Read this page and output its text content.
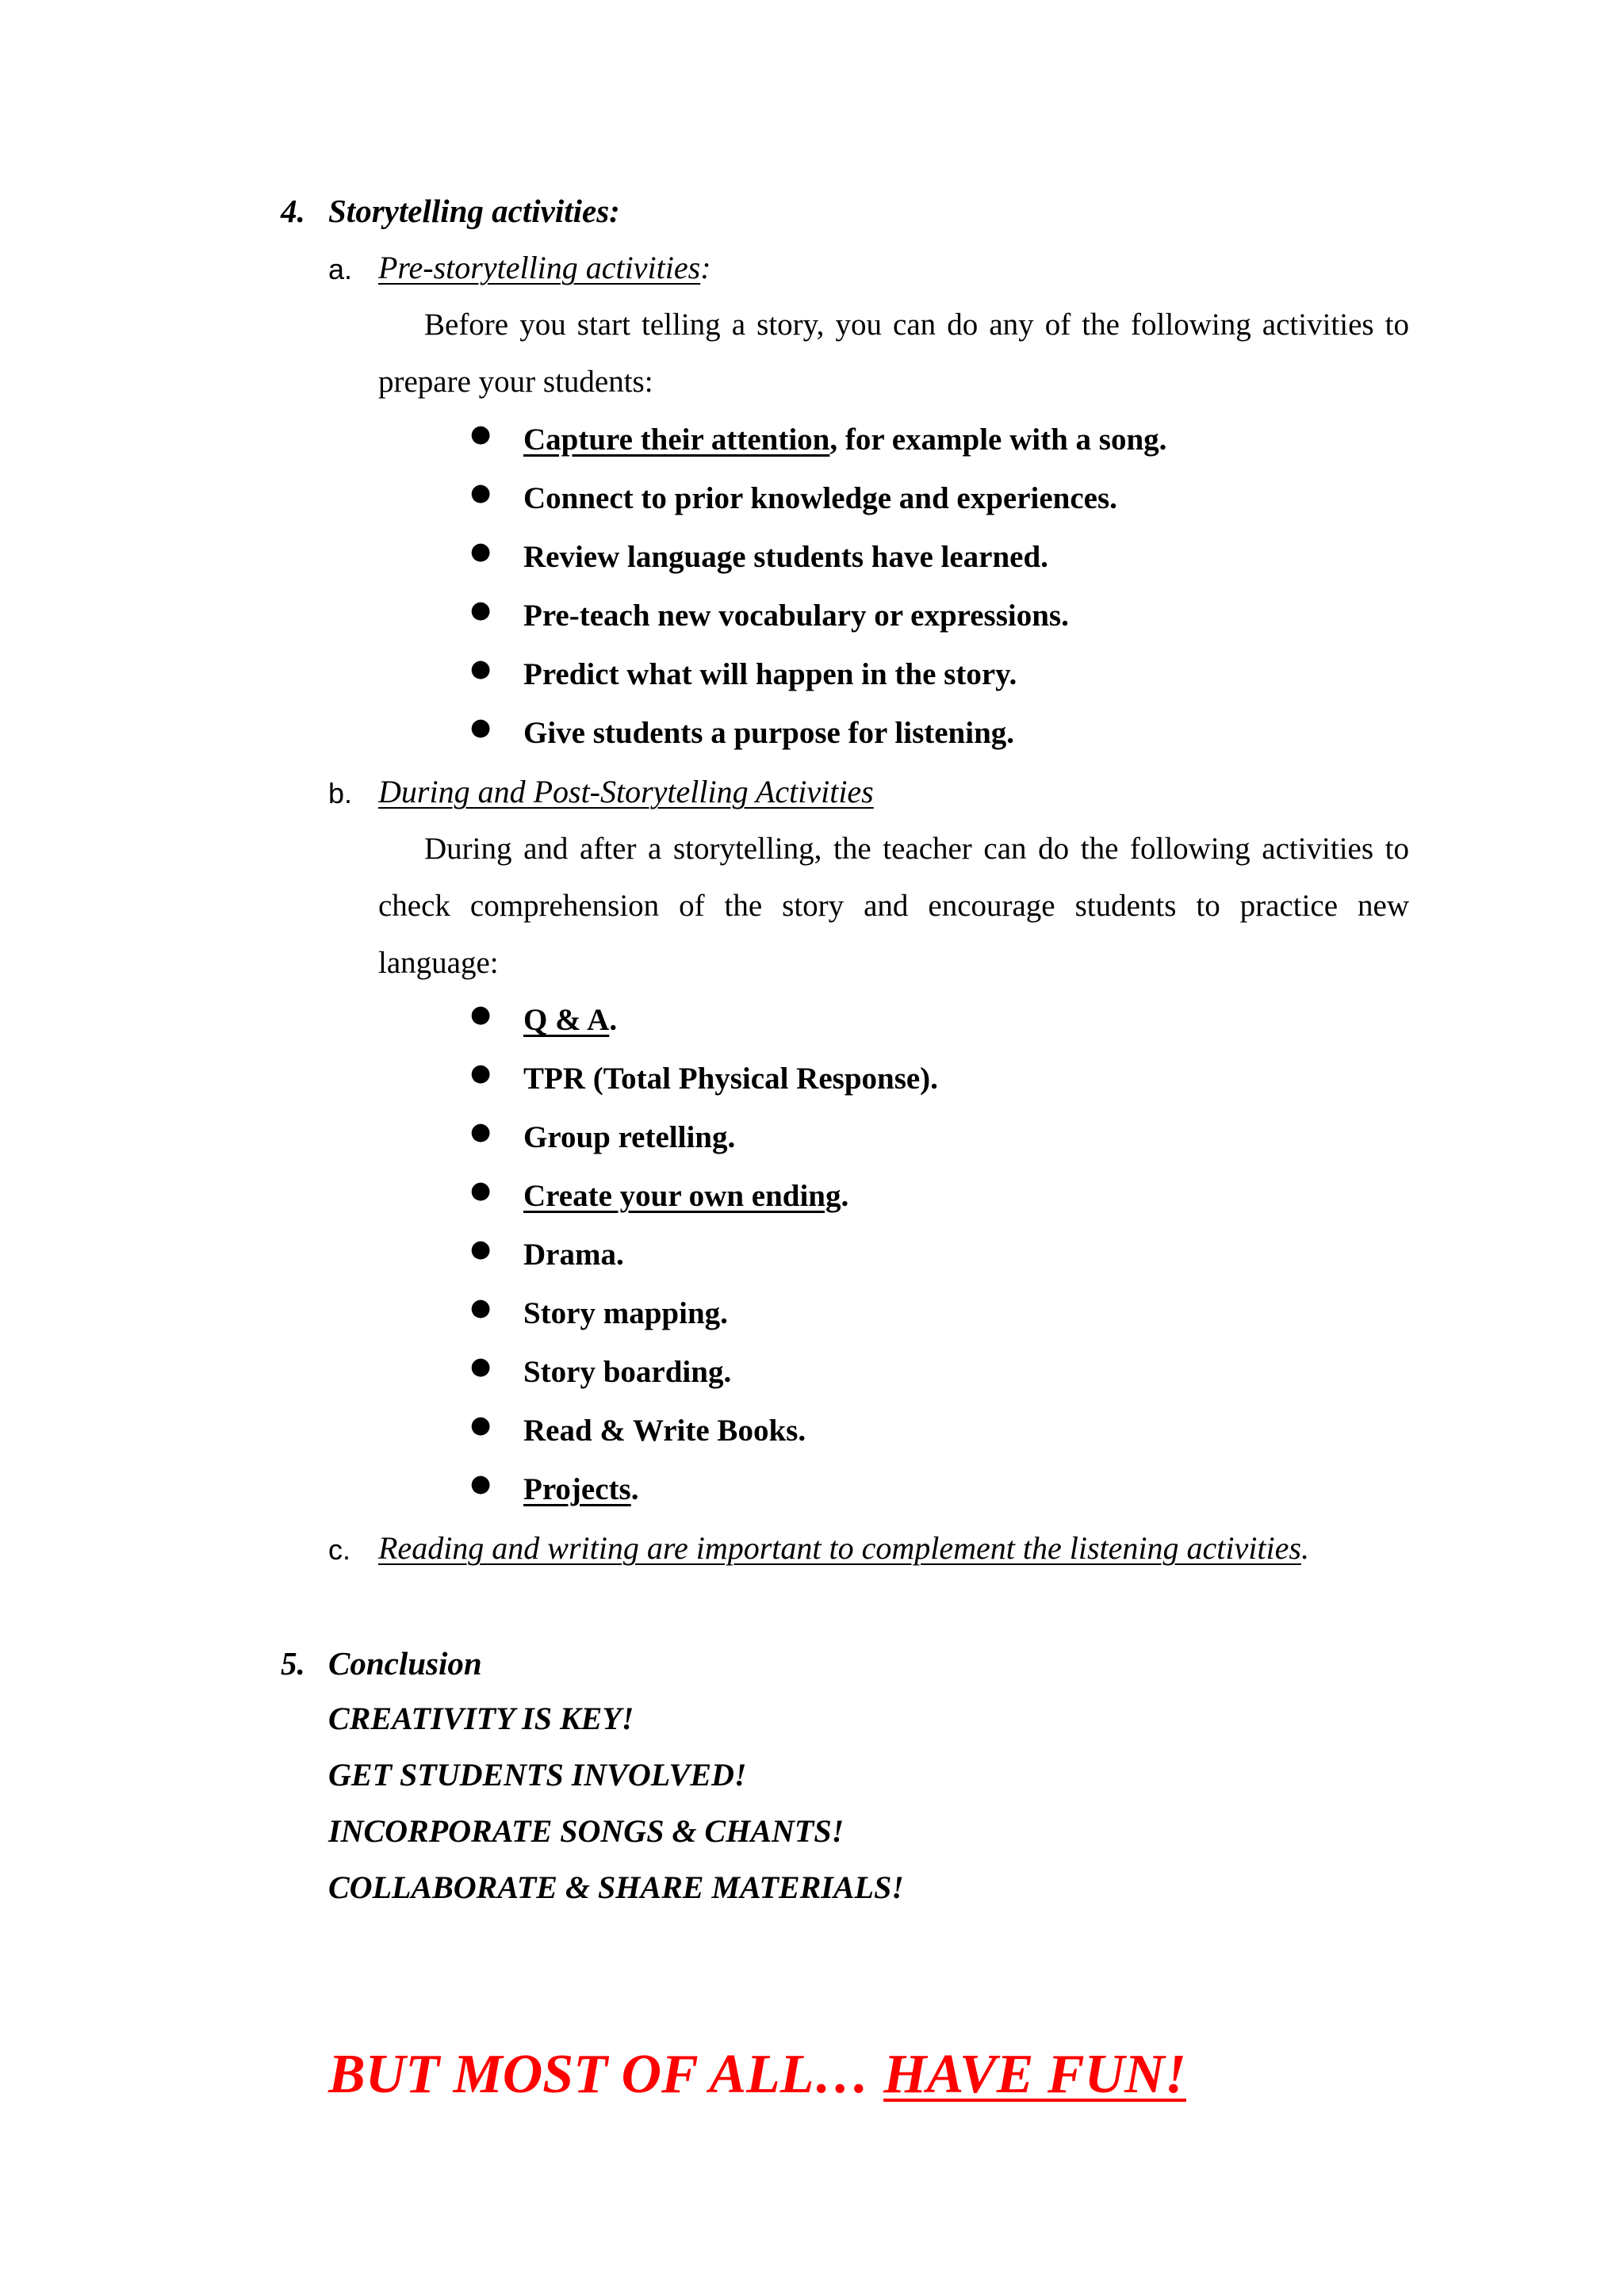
4. Storytelling activities:
a. Pre-storytelling activities:
Before you start telling a story, you can do any of the following activities to prepare your students:
● Capture their attention, for example with a song.
● Connect to prior knowledge and experiences.
● Review language students have learned.
● Pre-teach new vocabulary or expressions.
● Predict what will happen in the story.
● Give students a purpose for listening.
b. During and Post-Storytelling Activities
During and after a storytelling, the teacher can do the following activities to check comprehension of the story and encourage students to practice new language:
● Q & A.
● TPR (Total Physical Response).
● Group retelling.
● Create your own ending.
● Drama.
● Story mapping.
● Story boarding.
● Read & Write Books.
● Projects.
c. Reading and writing are important to complement the listening activities.
5. Conclusion
CREATIVITY IS KEY!
GET STUDENTS INVOLVED!
INCORPORATE SONGS & CHANTS!
COLLABORATE & SHARE MATERIALS!
BUT MOST OF ALL… HAVE FUN!
